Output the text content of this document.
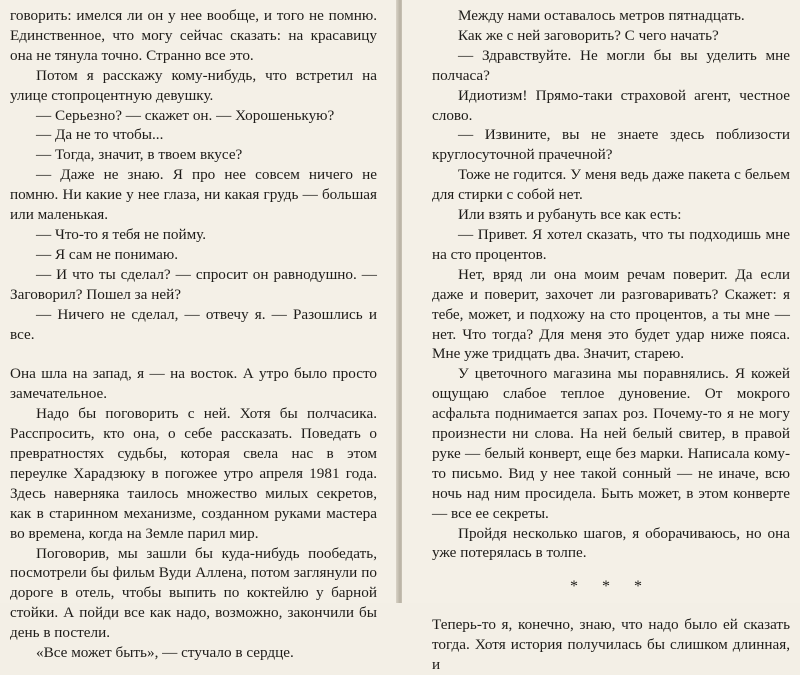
говорить: имелся ли он у нее вообще, и того не помню. Единственное, что могу сейчас сказать: на красавицу она не тянула точно. Странно все это.

Потом я расскажу кому-нибудь, что встретил на улице стопроцентную девушку.

— Серьезно? — скажет он. — Хорошенькую?

— Да не то чтобы...

— Тогда, значит, в твоем вкусе?

— Даже не знаю. Я про нее совсем ничего не помню. Ни какие у нее глаза, ни какая грудь — большая или маленькая.

— Что-то я тебя не пойму.

— Я сам не понимаю.

— И что ты сделал? — спросит он равнодушно. — Заговорил? Пошел за ней?

— Ничего не сделал, — отвечу я. — Разошлись и все.

Она шла на запад, я — на восток. А утро было просто замечательное.

Надо бы поговорить с ней. Хотя бы полчасика. Расспросить, кто она, о себе рассказать. Поведать о превратностях судьбы, которая свела нас в этом переулке Харадзюку в погожее утро апреля 1981 года. Здесь наверняка таилось множество милых секретов, как в старинном механизме, созданном руками мастера во времена, когда на Земле парил мир.

Поговорив, мы зашли бы куда-нибудь пообедать, посмотрели бы фильм Вуди Аллена, потом заглянули по дороге в отель, чтобы выпить по коктейлю у барной стойки. А пойди все как надо, возможно, закончили бы день в постели.

«Все может быть», — стучало в сердце.

Между нами оставалось метров пятнадцать.

Как же с ней заговорить? С чего начать?

— Здравствуйте. Не могли бы вы уделить мне полчаса?

Идиотизм! Прямо-таки страховой агент, честное слово.

— Извините, вы не знаете здесь поблизости круглосуточной прачечной?

Тоже не годится. У меня ведь даже пакета с бельем для стирки с собой нет.

Или взять и рубануть все как есть:

— Привет. Я хотел сказать, что ты подходишь мне на сто процентов.

Нет, вряд ли она моим речам поверит. Да если даже и поверит, захочет ли разговаривать? Скажет: я тебе, может, и подхожу на сто процентов, а ты мне — нет. Что тогда? Для меня это будет удар ниже пояса. Мне уже тридцать два. Значит, старею.

У цветочного магазина мы поравнялись. Я кожей ощущаю слабое теплое дуновение. От мокрого асфальта поднимается запах роз. Почему-то я не могу произнести ни слова. На ней белый свитер, в правой руке — белый конверт, еще без марки. Написала кому-то письмо. Вид у нее такой сонный — не иначе, всю ночь над ним просидела. Быть может, в этом конверте — все ее секреты.

Пройдя несколько шагов, я оборачиваюсь, но она уже потерялась в толпе.

* * *

Теперь-то я, конечно, знаю, что надо было ей сказать тогда. Хотя история получилась бы слишком длинная, и
